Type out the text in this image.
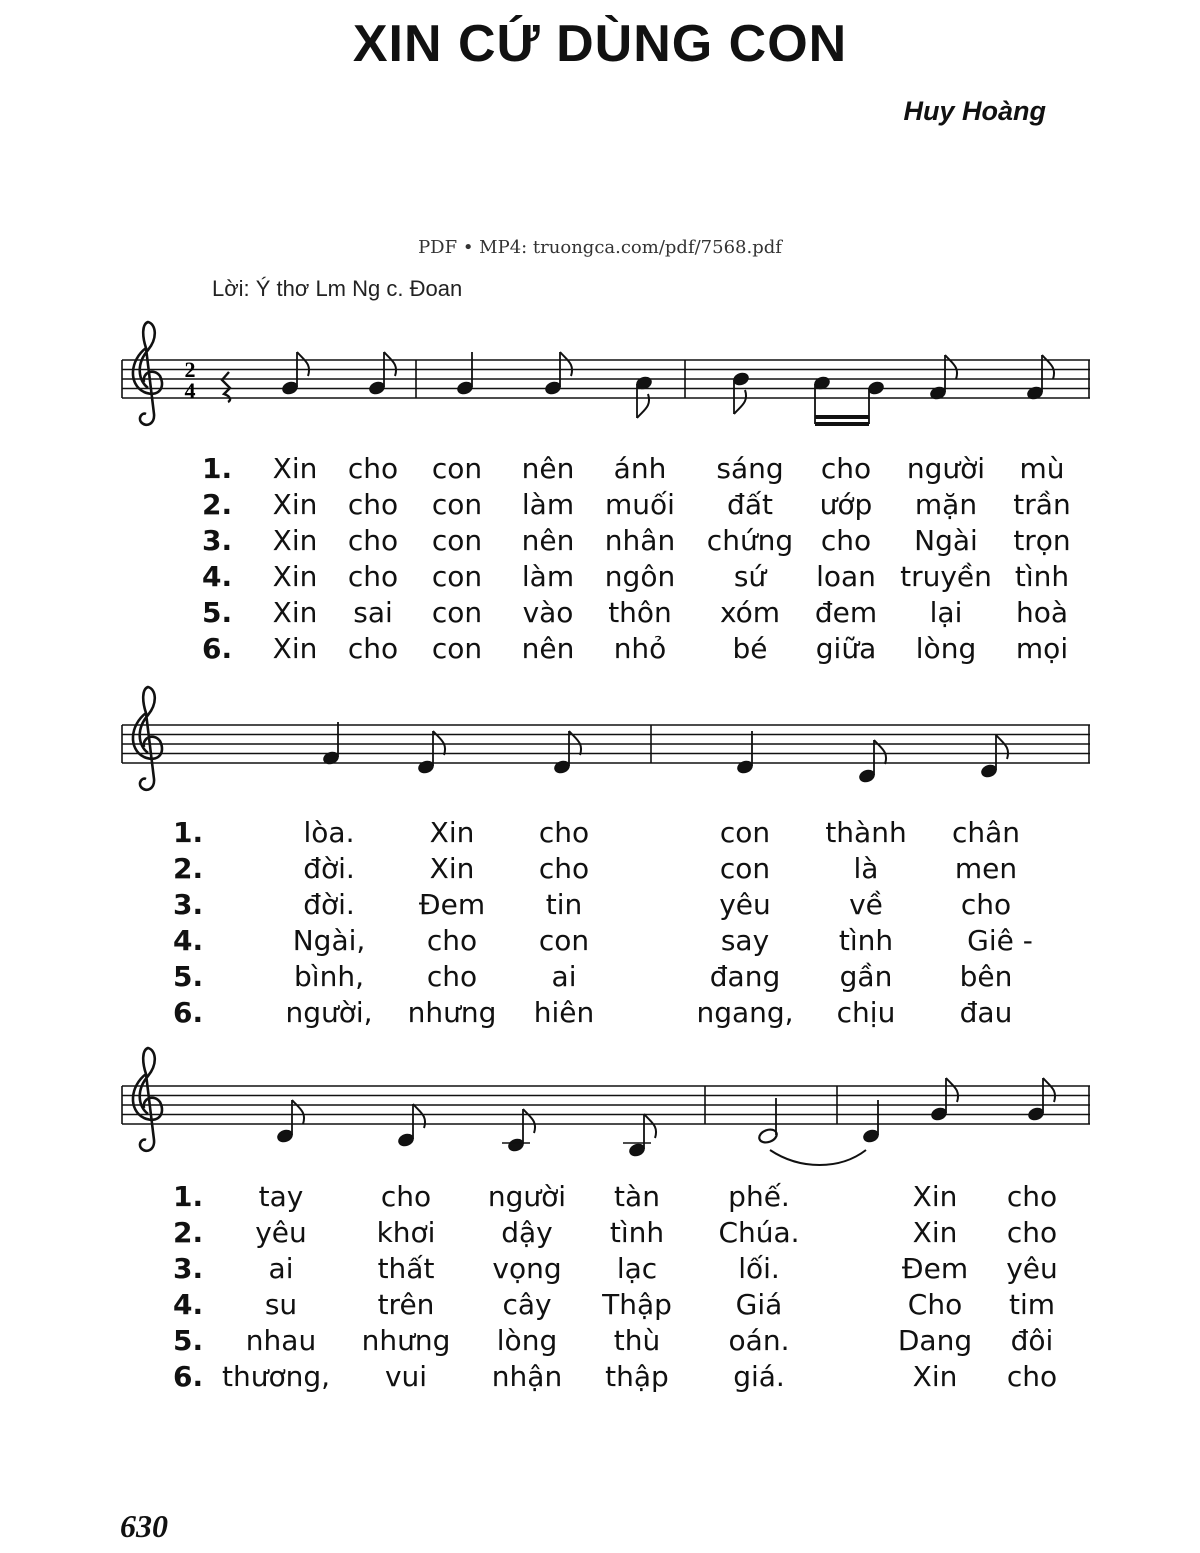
XIN CỨ DÙNG CON
Huy Hoàng
PDF • MP4: truongca.com/pdf/7568.pdf
Lời: Ý thơ Lm Ng c. Đoan
2
4
1. Xin cho con nên ánh sáng cho người mù
2. Xin cho con làm muối đất ướp mặn trần
3. Xin cho con nên nhân chứng cho Ngài trọn
4. Xin cho con làm ngôn sứ loan truyền tình
5. Xin sai con vào thôn xóm đem lại hoà
6. Xin cho con nên nhỏ bé giữa lòng mọi
1.	lòa.	Xin cho	con thành chân
2.	đời.	Xin cho	con	là	men
3.	đời. Đem tin	yêu	về	cho
4.	Ngài, cho con	say tình	Giê -
5.	bình, cho	ai	đang gần bên
6.	người, nhưng hiên	ngang, chịu đau
1. tay	cho người tàn phế.	Xin cho
2. yêu khơi dậy tình Chúa.	Xin cho
3. ai	thất vọng lạc	lối.	Đem yêu
4. su	trên cây Thập Giá	Cho tim
5. nhau nhưng lòng thù oán.	Dang đôi
6. thương, vui nhận thập giá.	Xin cho
630
